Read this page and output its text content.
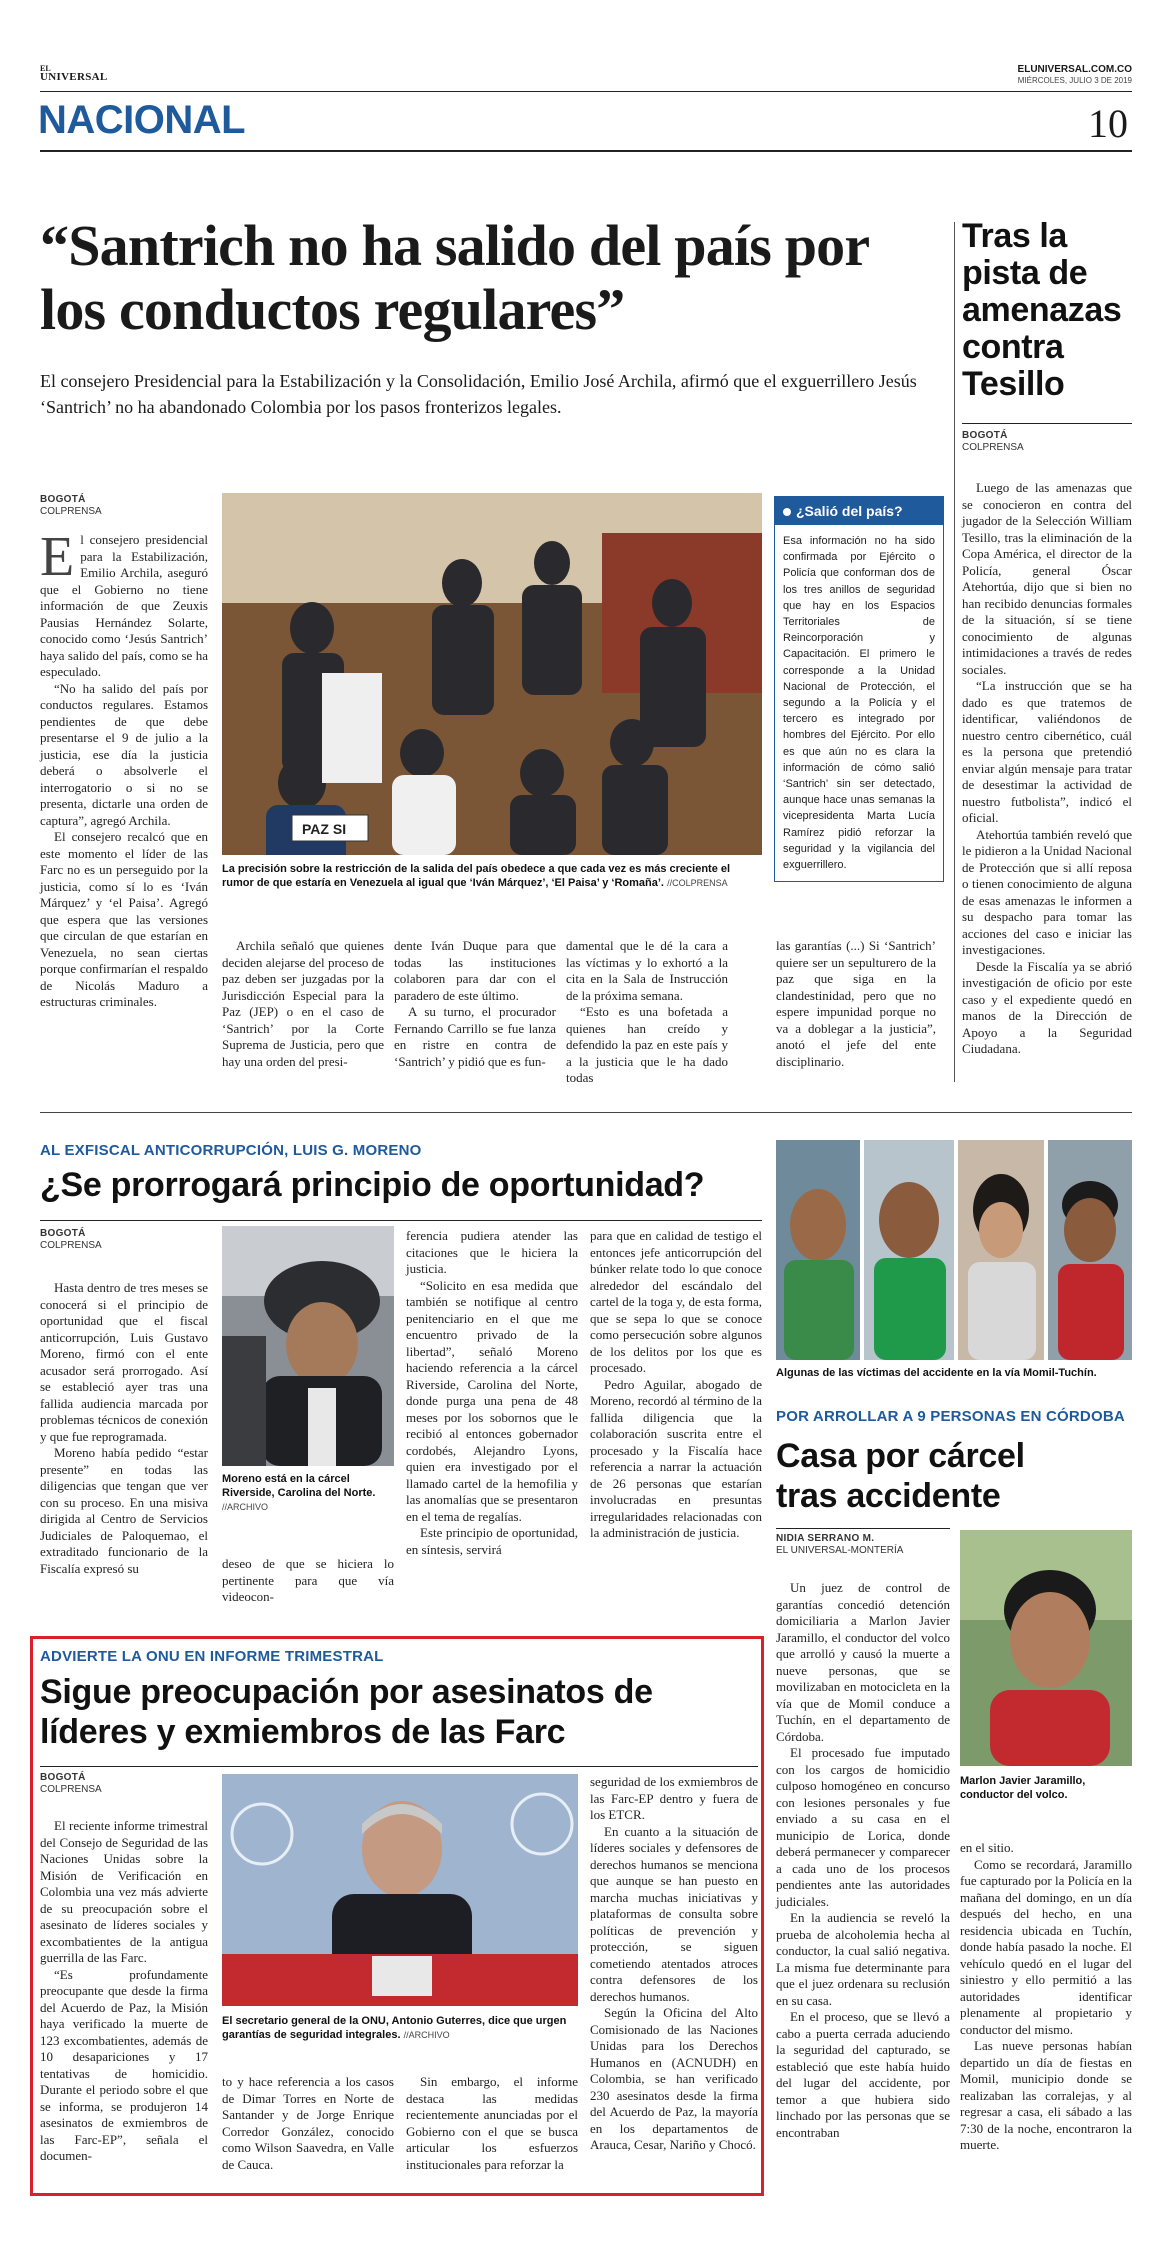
EL
UNIVERSAL
ELUNIVERSAL.COM.CO
MIÉRCOLES, JULIO 3 DE 2019
NACIONAL	10
“Santrich no ha salido del país por los conductos regulares”
El consejero Presidencial para la Estabilización y la Consolidación, Emilio José Archila, afirmó que el exguerrillero Jesús ‘Santrich’ no ha abandonado Colombia por los pasos fronterizos legales.
BOGOTÁ
COLPRENSA

El consejero presidencial para la Estabilización, Emilio Archila, aseguró que el Gobierno no tiene información de que Zeuxis Pausias Hernández Solarte, conocido como ‘Jesús Santrich’ haya salido del país, como se ha especulado.

“No ha salido del país por conductos regulares. Estamos pendientes de que debe presentarse el 9 de julio a la justicia, ese día la justicia deberá o absolverle el interrogatorio o si no se presenta, dictarle una orden de captura”, agregó Archila.

El consejero recalcó que en este momento el líder de las Farc no es un perseguido por la justicia, como sí lo es ‘Iván Márquez’ y ‘el Paisa’. Agregó que espera que las versiones que circulan de que estarían en Venezuela, no sean ciertas porque confirmarían el respaldo de Nicolás Maduro a estructuras criminales.

PAZ SI
La precisión sobre la restricción de la salida del país obedece a que cada vez es más creciente el rumor de que estaría en Venezuela al igual que ‘Iván Márquez’, ‘El Paisa’ y ‘Romaña’. //COLPRENSA
¿Salió del país?
Esa información no ha sido confirmada por Ejército o Policía que conforman dos de los tres anillos de seguridad que hay en los Espacios Territoriales de Reincorporación y Capacitación. El primero le corresponde a la Unidad Nacional de Protección, el segundo a la Policía y el tercero es integrado por hombres del Ejército. Por ello es que aún no es clara la información de cómo salió ‘Santrich’ sin ser detectado, aunque hace unas semanas la vicepresidenta Marta Lucía Ramírez pidió reforzar la seguridad y la vigilancia del exguerrillero.

Archila señaló que quienes deciden alejarse del proceso de paz deben ser juzgadas por la Jurisdicción Especial para la Paz (JEP) o en el caso de ‘Santrich’ por la Corte Suprema de Justicia, pero que hay una orden del presi-

dente Iván Duque para que todas las instituciones colaboren para dar con el paradero de este último.

A su turno, el procurador Fernando Carrillo se fue lanza en ristre en contra de ‘Santrich’ y pidió que es fun-

damental que le dé la cara a las víctimas y lo exhortó a la cita en la Sala de Instrucción de la próxima semana.

“Esto es una bofetada a quienes han creído y defendido la paz en este país y a la justicia que le ha dado todas

las garantías (...) Si ‘Santrich’ quiere ser un sepulturero de la paz que siga en la clandestinidad, pero que no espere impunidad porque no va a doblegar a la justicia”, anotó el jefe del ente disciplinario.

Tras la pista de amenazas contra Tesillo
BOGOTÁ
COLPRENSA

Luego de las amenazas que se conocieron en contra del jugador de la Selección William Tesillo, tras la eliminación de la Copa América, el director de la Policía, general Óscar Atehortúa, dijo que si bien no han recibido denuncias formales de la situación, sí se tiene conocimiento de algunas intimidaciones a través de redes sociales.

“La instrucción que se ha dado es que tratemos de identificar, valiéndonos de nuestro centro cibernético, cuál es la persona que pretendió enviar algún mensaje para tratar de desestimar la actividad de nuestro futbolista”, indicó el oficial.

Atehortúa también reveló que le pidieron a la Unidad Nacional de Protección que si allí reposa o tienen conocimiento de alguna de esas amenazas le informen a su despacho para tomar las acciones del caso e iniciar las investigaciones.

Desde la Fiscalía ya se abrió investigación de oficio por este caso y el expediente quedó en manos de la Dirección de Apoyo a la Seguridad Ciudadana.

AL EXFISCAL ANTICORRUPCIÓN, LUIS G. MORENO
¿Se prorrogará principio de oportunidad?
BOGOTÁ
COLPRENSA

Hasta dentro de tres meses se conocerá si el principio de oportunidad que el fiscal anticorrupción, Luis Gustavo Moreno, firmó con el ente acusador será prorrogado. Así se estableció ayer tras una fallida audiencia marcada por problemas técnicos de conexión y que fue reprogramada.

Moreno había pedido “estar presente” en todas las diligencias que tengan que ver con su proceso. En una misiva dirigida al Centro de Servicios Judiciales de Paloquemao, el extraditado funcionario de la Fiscalía expresó su

Moreno está en la cárcel Riverside, Carolina del Norte. //ARCHIVO

deseo de que se hiciera lo pertinente para que vía videocon-

ferencia pudiera atender las citaciones que le hiciera la justicia.

“Solicito en esa medida que también se notifique al centro penitenciario en el que me encuentro privado de la libertad”, señaló Moreno haciendo referencia a la cárcel Riverside, Carolina del Norte, donde purga una pena de 48 meses por los sobornos que le recibió al entonces gobernador cordobés, Alejandro Lyons, quien era investigado por el llamado cartel de la hemofilia y las anomalías que se presentaron en el tema de regalías.

Este principio de oportunidad, en síntesis, servirá

para que en calidad de testigo el entonces jefe anticorrupción del búnker relate todo lo que conoce alrededor del escándalo del cartel de la toga y, de esta forma, que se sepa lo que se conoce como persecución sobre algunos de los delitos por los que es procesado.

Pedro Aguilar, abogado de Moreno, recordó al término de la fallida diligencia que la colaboración suscrita entre el procesado y la Fiscalía hace referencia a narrar la actuación de 26 personas que estarían involucradas en presuntas irregularidades relacionadas con la administración de justicia.

Algunas de las víctimas del accidente en la vía Momil-Tuchín.
POR ARROLLAR A 9 PERSONAS EN CÓRDOBA
Casa por cárcel tras accidente
NIDIA SERRANO M.
EL UNIVERSAL-MONTERÍA
Marlon Javier Jaramillo, conductor del volco.

Un juez de control de garantías concedió detención domiciliaria a Marlon Javier Jaramillo, el conductor del volco que arrolló y causó la muerte a nueve personas, que se movilizaban en motocicleta en la vía que de Momil conduce a Tuchín, en el departamento de Córdoba.

El procesado fue imputado con los cargos de homicidio culposo homogéneo en concurso con lesiones personales y fue enviado a su casa en el municipio de Lorica, donde deberá permanecer y comparecer a cada uno de los procesos pendientes ante las autoridades judiciales.

En la audiencia se reveló la prueba de alcoholemia hecha al conductor, la cual salió negativa. La misma fue determinante para que el juez ordenara su reclusión en su casa.

En el proceso, que se llevó a cabo a puerta cerrada aduciendo la seguridad del capturado, se estableció que este había huido del lugar del accidente, por temor a que hubiera sido linchado por las personas que se encontraban

en el sitio.

Como se recordará, Jaramillo fue capturado por la Policía en la mañana del domingo, en un día después del hecho, en una residencia ubicada en Tuchín, donde había pasado la noche. El vehículo quedó en el lugar del siniestro y ello permitió a las autoridades identificar plenamente al propietario y conductor del mismo.

Las nueve personas habían departido un día de fiestas en Momil, municipio donde se realizaban las corralejas, y al regresar a casa, eli sábado a las 7:30 de la noche, encontraron la muerte.

ADVIERTE LA ONU EN INFORME TRIMESTRAL
Sigue preocupación por asesinatos de líderes y exmiembros de las Farc
BOGOTÁ
COLPRENSA

El reciente informe trimestral del Consejo de Seguridad de las Naciones Unidas sobre la Misión de Verificación en Colombia una vez más advierte de su preocupación sobre el asesinato de líderes sociales y excombatientes de la antigua guerrilla de las Farc.

“Es profundamente preocupante que desde la firma del Acuerdo de Paz, la Misión haya verificado la muerte de 123 excombatientes, además de 10 desapariciones y 17 tentativas de homicidio. Durante el periodo sobre el que se informa, se produjeron 14 asesinatos de exmiembros de las Farc-EP”, señala el documen-

El secretario general de la ONU, Antonio Guterres, dice que urgen garantías de seguridad integrales. //ARCHIVO

to y hace referencia a los casos de Dimar Torres en Norte de Santander y de Jorge Enrique Corredor González, conocido como Wilson Saavedra, en Valle de Cauca.

Sin embargo, el informe destaca las medidas recientemente anunciadas por el Gobierno con el que se busca articular los esfuerzos institucionales para reforzar la

seguridad de los exmiembros de las Farc-EP dentro y fuera de los ETCR.

En cuanto a la situación de líderes sociales y defensores de derechos humanos se menciona que aunque se han puesto en marcha muchas iniciativas y plataformas de consulta sobre políticas de prevención y protección, se siguen cometiendo atentados atroces contra defensores de los derechos humanos.

Según la Oficina del Alto Comisionado de las Naciones Unidas para los Derechos Humanos en (ACNUDH) en Colombia, se han verificado 230 asesinatos desde la firma del Acuerdo de Paz, la mayoría en los departamentos de Arauca, Cesar, Nariño y Chocó.
